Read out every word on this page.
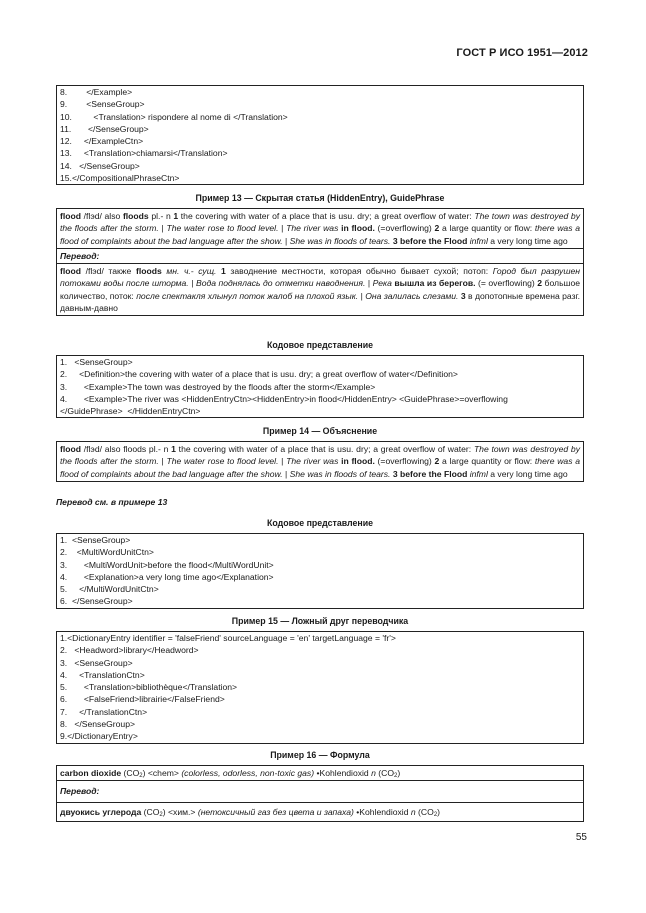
ГОСТ Р ИСО 1951—2012
8.        </Example>
9.        <SenseGroup>
10.         <Translation> rispondere al nome di </Translation>
11.       </SenseGroup>
12.     </ExampleCtn>
13.     <Translation>chiamarsi</Translation>
14.   </SenseGroup>
15.</CompositionalPhraseCtn>
Пример 13 — Скрытая статья (HiddenEntry), GuidePhrase
flood /flэd/ also floods pl.- n 1 the covering with water of a place that is usu. dry; a great overflow of water: The town was destroyed by the floods after the storm. | The water rose to flood level. | The river was in flood. (=overflowing) 2 a large quantity or flow: there was a flood of complaints about the bad language after the show. | She was in floods of tears. 3 before the Flood infml a very long time ago
Перевод:
flood /flэd/ также floods мн. ч.- сущ. 1 заводнение местности, которая обычно бывает сухой; потоп: Город был разрушен потоками воды после шторма. | Вода поднялась до отметки наводнения. | Река вышла из берегов. (= overflowing) 2 большое количество, поток: после спектакля хлынул поток жалоб на плохой язык. | Она залилась слезами. 3 в допотопные времена разг. давным-давно
Кодовое представление
1.   <SenseGroup>
2.     <Definition>the covering with water of a place that is usu. dry; a great overflow of water</Definition>
3.       <Example>The town was destroyed by the floods after the storm</Example>
4.       <Example>The river was <HiddenEntryCtn><HiddenEntry>in flood</HiddenEntry> <GuidePhrase>=overflowing
</GuidePhrase>  </HiddenEntryCtn>
Пример 14 — Объяснение
flood /flэd/ also floods pl.- n 1 the covering with water of a place that is usu. dry; a great overflow of water: The town was destroyed by the floods after the storm. | The water rose to flood level. | The river was in flood. (=overflowing) 2 a large quantity or flow: there was a flood of complaints about the bad language after the show. | She was in floods of tears. 3 before the Flood infml a very long time ago
Перевод см. в примере 13
Кодовое представление
1.  <SenseGroup>
2.    <MultiWordUnitCtn>
3.       <MultiWordUnit>before the flood</MultiWordUnit>
4.       <Explanation>a very long time ago</Explanation>
5.     </MultiWordUnitCtn>
6.  </SenseGroup>
Пример 15 — Ложный друг переводчика
1.<DictionaryEntry identifier = 'falseFriend' sourceLanguage = 'en' targetLanguage = 'fr'>
2.   <Headword>library</Headword>
3.   <SenseGroup>
4.     <TranslationCtn>
5.       <Translation>bibliothèque</Translation>
6.       <FalseFriend>librairie</FalseFriend>
7.     </TranslationCtn>
8.   </SenseGroup>
9.</DictionaryEntry>
Пример 16 — Формула
carbon dioxide $(CO_2)$ <chem> (colorless, odorless, non-toxic gas) •Kohlendioxid n $(CO_2)$
Перевод:
двуокись углерода $(CO_2) <хим.>$ (нетоксичный газ без цвета и запаха) •Kohlendioxid n $(CO_2)$
55
